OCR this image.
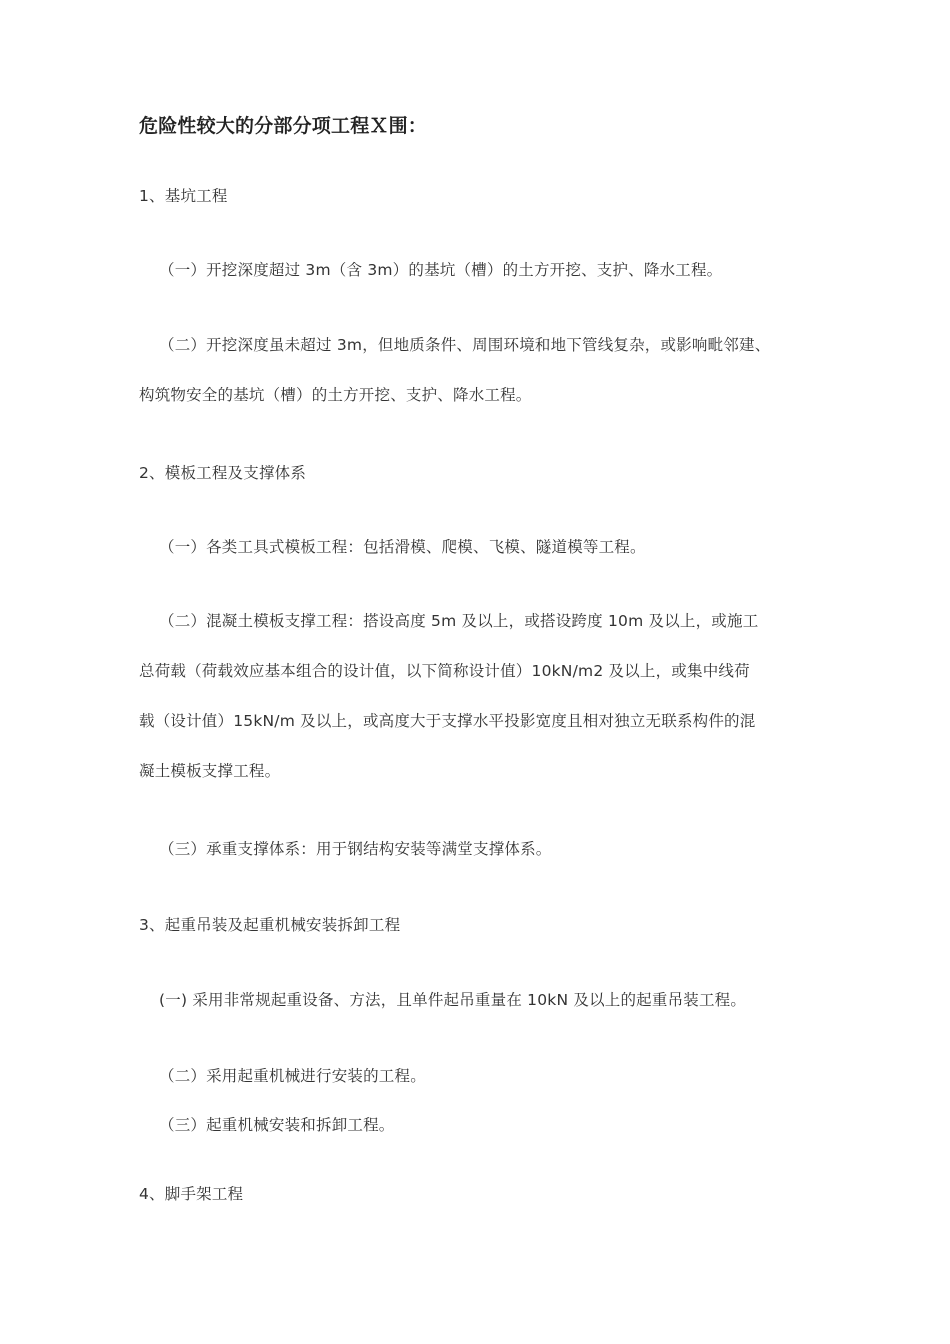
危险性较大的分部分项工程Ｘ围：
1、基坑工程
（一）开挖深度超过 3m（含 3m）的基坑（槽）的土方开挖、支护、降水工程。
（二）开挖深度虽未超过 3m，但地质条件、周围环境和地下管线复杂，或影响毗邻建、
构筑物安全的基坑（槽）的土方开挖、支护、降水工程。
2、模板工程及支撑体系
（一）各类工具式模板工程：包括滑模、爬模、飞模、隧道模等工程。
（二）混凝土模板支撑工程：搭设高度 5m 及以上，或搭设跨度 10m 及以上，或施工
总荷载（荷载效应基本组合的设计值，以下简称设计值）10kN/m2 及以上，或集中线荷
载（设计值）15kN/m 及以上，或高度大于支撑水平投影宽度且相对独立无联系构件的混
凝土模板支撑工程。
（三）承重支撑体系：用于钢结构安装等满堂支撑体系。
3、起重吊装及起重机械安装拆卸工程
(一) 采用非常规起重设备、方法，且单件起吊重量在 10kN 及以上的起重吊装工程。
（二）采用起重机械进行安装的工程。
（三）起重机械安装和拆卸工程。
4、脚手架工程
